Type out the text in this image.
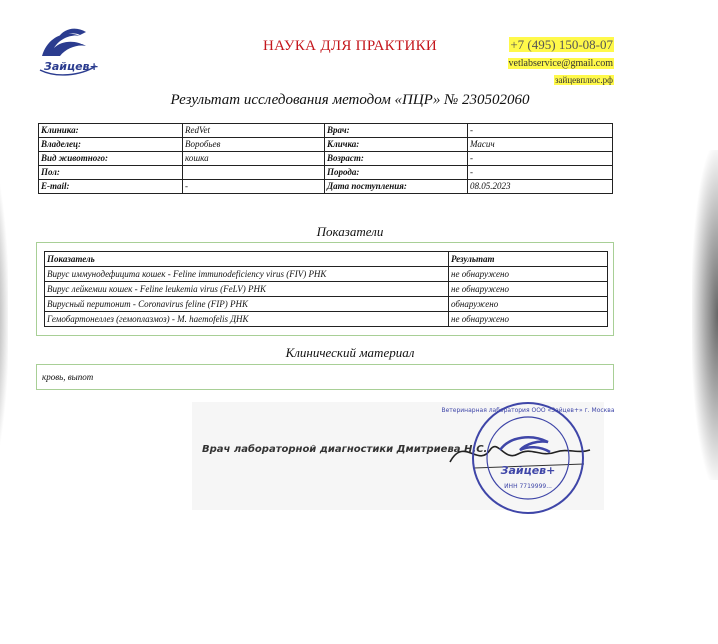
Зайцев+
НАУКА ДЛЯ ПРАКТИКИ	+7 (495) 150-08-07
vetlabservice@gmail.com
зайцевплюс.рф
Результат исследования методом «ПЦР» № 230502060
Клиника:	RedVet	Врач:	-
Владелец:	Воробьев	Кличка:	Масич
Вид животного:	кошка	Возраст:	-
Пол:		Порода:	-
E-mail:	-	Дата поступления:	08.05.2023
Показатели
Показатель	Результат
Вирус иммунодефицита кошек - Feline immunodeficiency virus (FIV) РНК	не обнаружено
Вирус лейкемии кошек - Feline leukemia virus (FeLV) РНК	не обнаружено
Вирусный перитонит - Coronavirus feline (FIP) РНК	обнаружено
Гемобартонеллез (гемоплазмоз) - M. haemofelis ДНК	не обнаружено
Клинический материал
кровь, выпот
Врач лабораторной диагностики Дмитриева Н.С.
Зайцев+
ИНН 7719999...
Ветеринарная лаборатория ООО «Зайцев+» г. Москва
